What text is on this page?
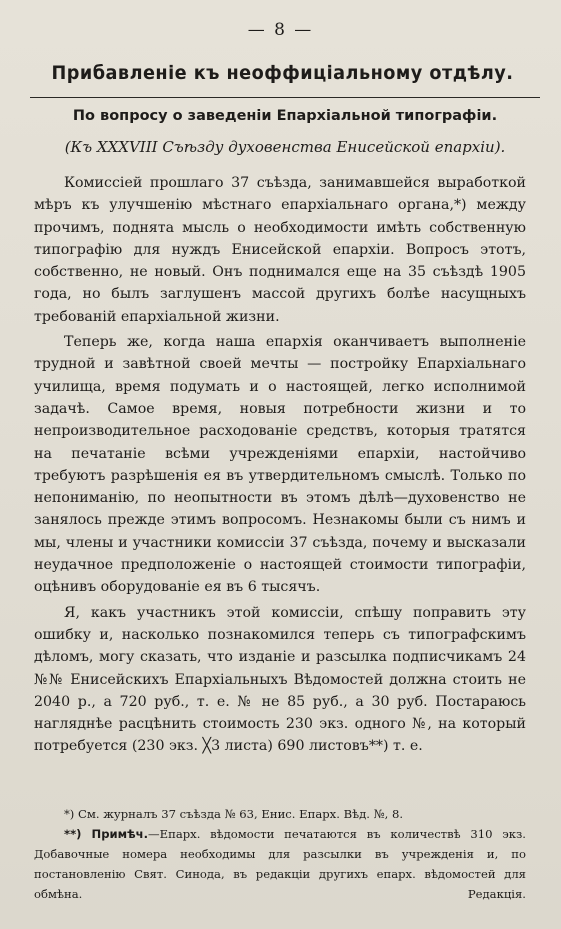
— 8 —
Прибавленіе къ неоффиціальному отдѣлу.
По вопросу о заведеніи Епархіальной типографіи.
(Къ XXXVIII Съѣзду духовенства Енисейской епархіи).

Комиссіей прошлаго 37 съѣзда, занимавшейся выработкой мѣръ къ улучшенію мѣстнаго епархіальнаго органа,*) между прочимъ, поднята мысль о необходимости имѣть собственную типографію для нуждъ Енисейской епархіи. Вопросъ этотъ, собственно, не новый. Онъ поднимался еще на 35 съѣздѣ 1905 года, но былъ заглушенъ массой другихъ болѣе насущныхъ требованій епархіальной жизни.

Теперь же, когда наша епархія оканчиваетъ выполненіе трудной и завѣтной своей мечты — постройку Епархіальнаго училища, время подумать и о настоящей, легко исполнимой задачѣ. Самое время, новыя потребности жизни и то непроизводительное расходованіе средствъ, которыя тратятся на печатаніе всѣми учрежденіями епархіи, настойчиво требуютъ разрѣшенія ея въ утвердительномъ смыслѣ. Только по непониманію, по неопытности въ этомъ дѣлѣ—духовенство не занялось прежде этимъ вопросомъ. Незнакомы были съ нимъ и мы, члены и участники комиссіи 37 съѣзда, почему и высказали неудачное предположеніе о настоящей стоимости типографіи, оцѣнивъ оборудованіе ея въ 6 тысячъ.

Я, какъ участникъ этой комиссіи, спѣшу поправить эту ошибку и, насколько познакомился теперь съ типографскимъ дѣломъ, могу сказать, что изданіе и разсылка подписчикамъ 24 №№ Енисейскихъ Епархіальныхъ Вѣдомостей должна стоить не 2040 р., а 720 руб., т. е. № не 85 руб., а 30 руб. Постараюсь нагляднѣе расцѣнить стоимость 230 экз. одного №, на который потребуется (230 экз. ╳3 листа) 690 листовъ**) т. е.

*) См. журналъ 37 съѣзда № 63, Енис. Епарх. Вѣд. №, 8.

**) Примѣч.—Епарх. вѣдомости печатаются въ количествѣ 310 экз. Добавочные номера необходимы для разсылки въ учрежденія и, по постановленію Свят. Синода, въ редакціи другихъ епарх. вѣдомостей для обмѣна.	Редакція.
